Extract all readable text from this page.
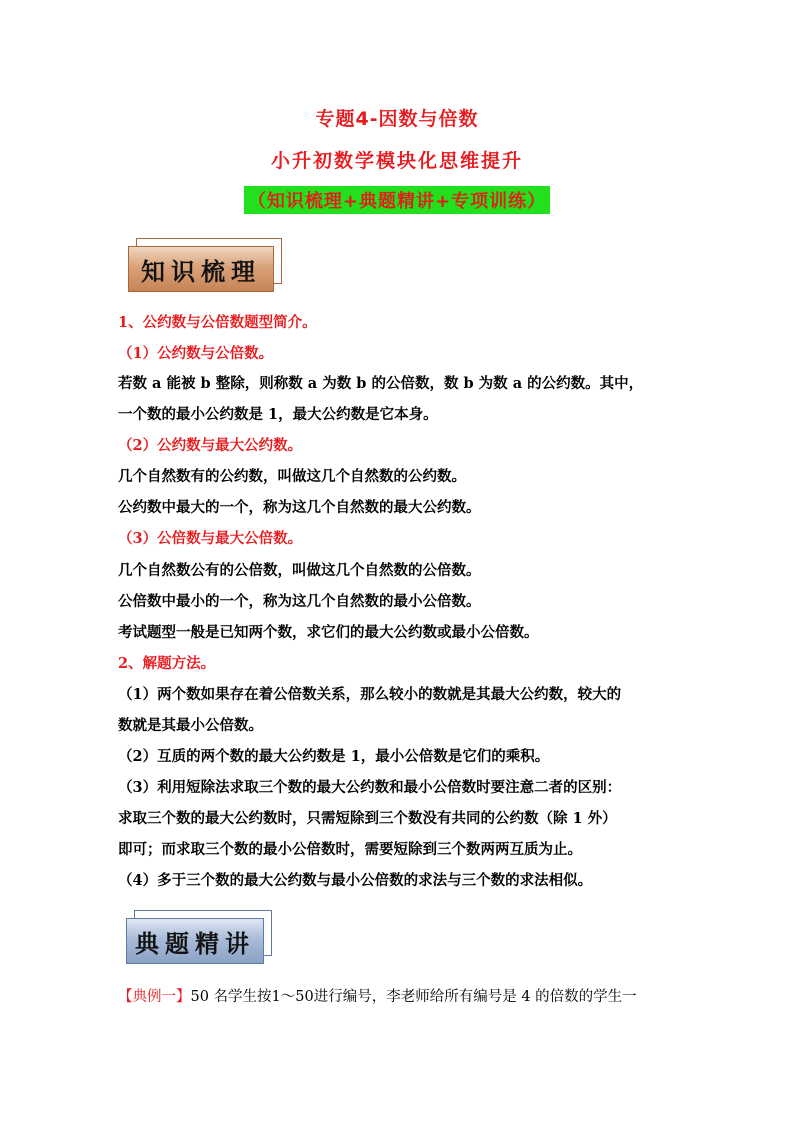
专题4-因数与倍数
小升初数学模块化思维提升
（知识梳理+典题精讲+专项训练）
知识梳理
1、公约数与公倍数题型简介。
（1）公约数与公倍数。
若数 a 能被 b 整除，则称数 a 为数 b 的公倍数，数 b 为数 a 的公约数。其中，
一个数的最小公约数是 1，最大公约数是它本身。
（2）公约数与最大公约数。
几个自然数有的公约数，叫做这几个自然数的公约数。
公约数中最大的一个，称为这几个自然数的最大公约数。
（3）公倍数与最大公倍数。
几个自然数公有的公倍数，叫做这几个自然数的公倍数。
公倍数中最小的一个，称为这几个自然数的最小公倍数。
考试题型一般是已知两个数，求它们的最大公约数或最小公倍数。
2、解题方法。
（1）两个数如果存在着公倍数关系，那么较小的数就是其最大公约数，较大的
数就是其最小公倍数。
（2）互质的两个数的最大公约数是 1，最小公倍数是它们的乘积。
（3）利用短除法求取三个数的最大公约数和最小公倍数时要注意二者的区别：
求取三个数的最大公约数时，只需短除到三个数没有共同的公约数（除 1 外）
即可；而求取三个数的最小公倍数时，需要短除到三个数两两互质为止。
（4）多于三个数的最大公约数与最小公倍数的求法与三个数的求法相似。
典题精讲
【典例一】50 名学生按1～50进行编号，李老师给所有编号是 4 的倍数的学生一
